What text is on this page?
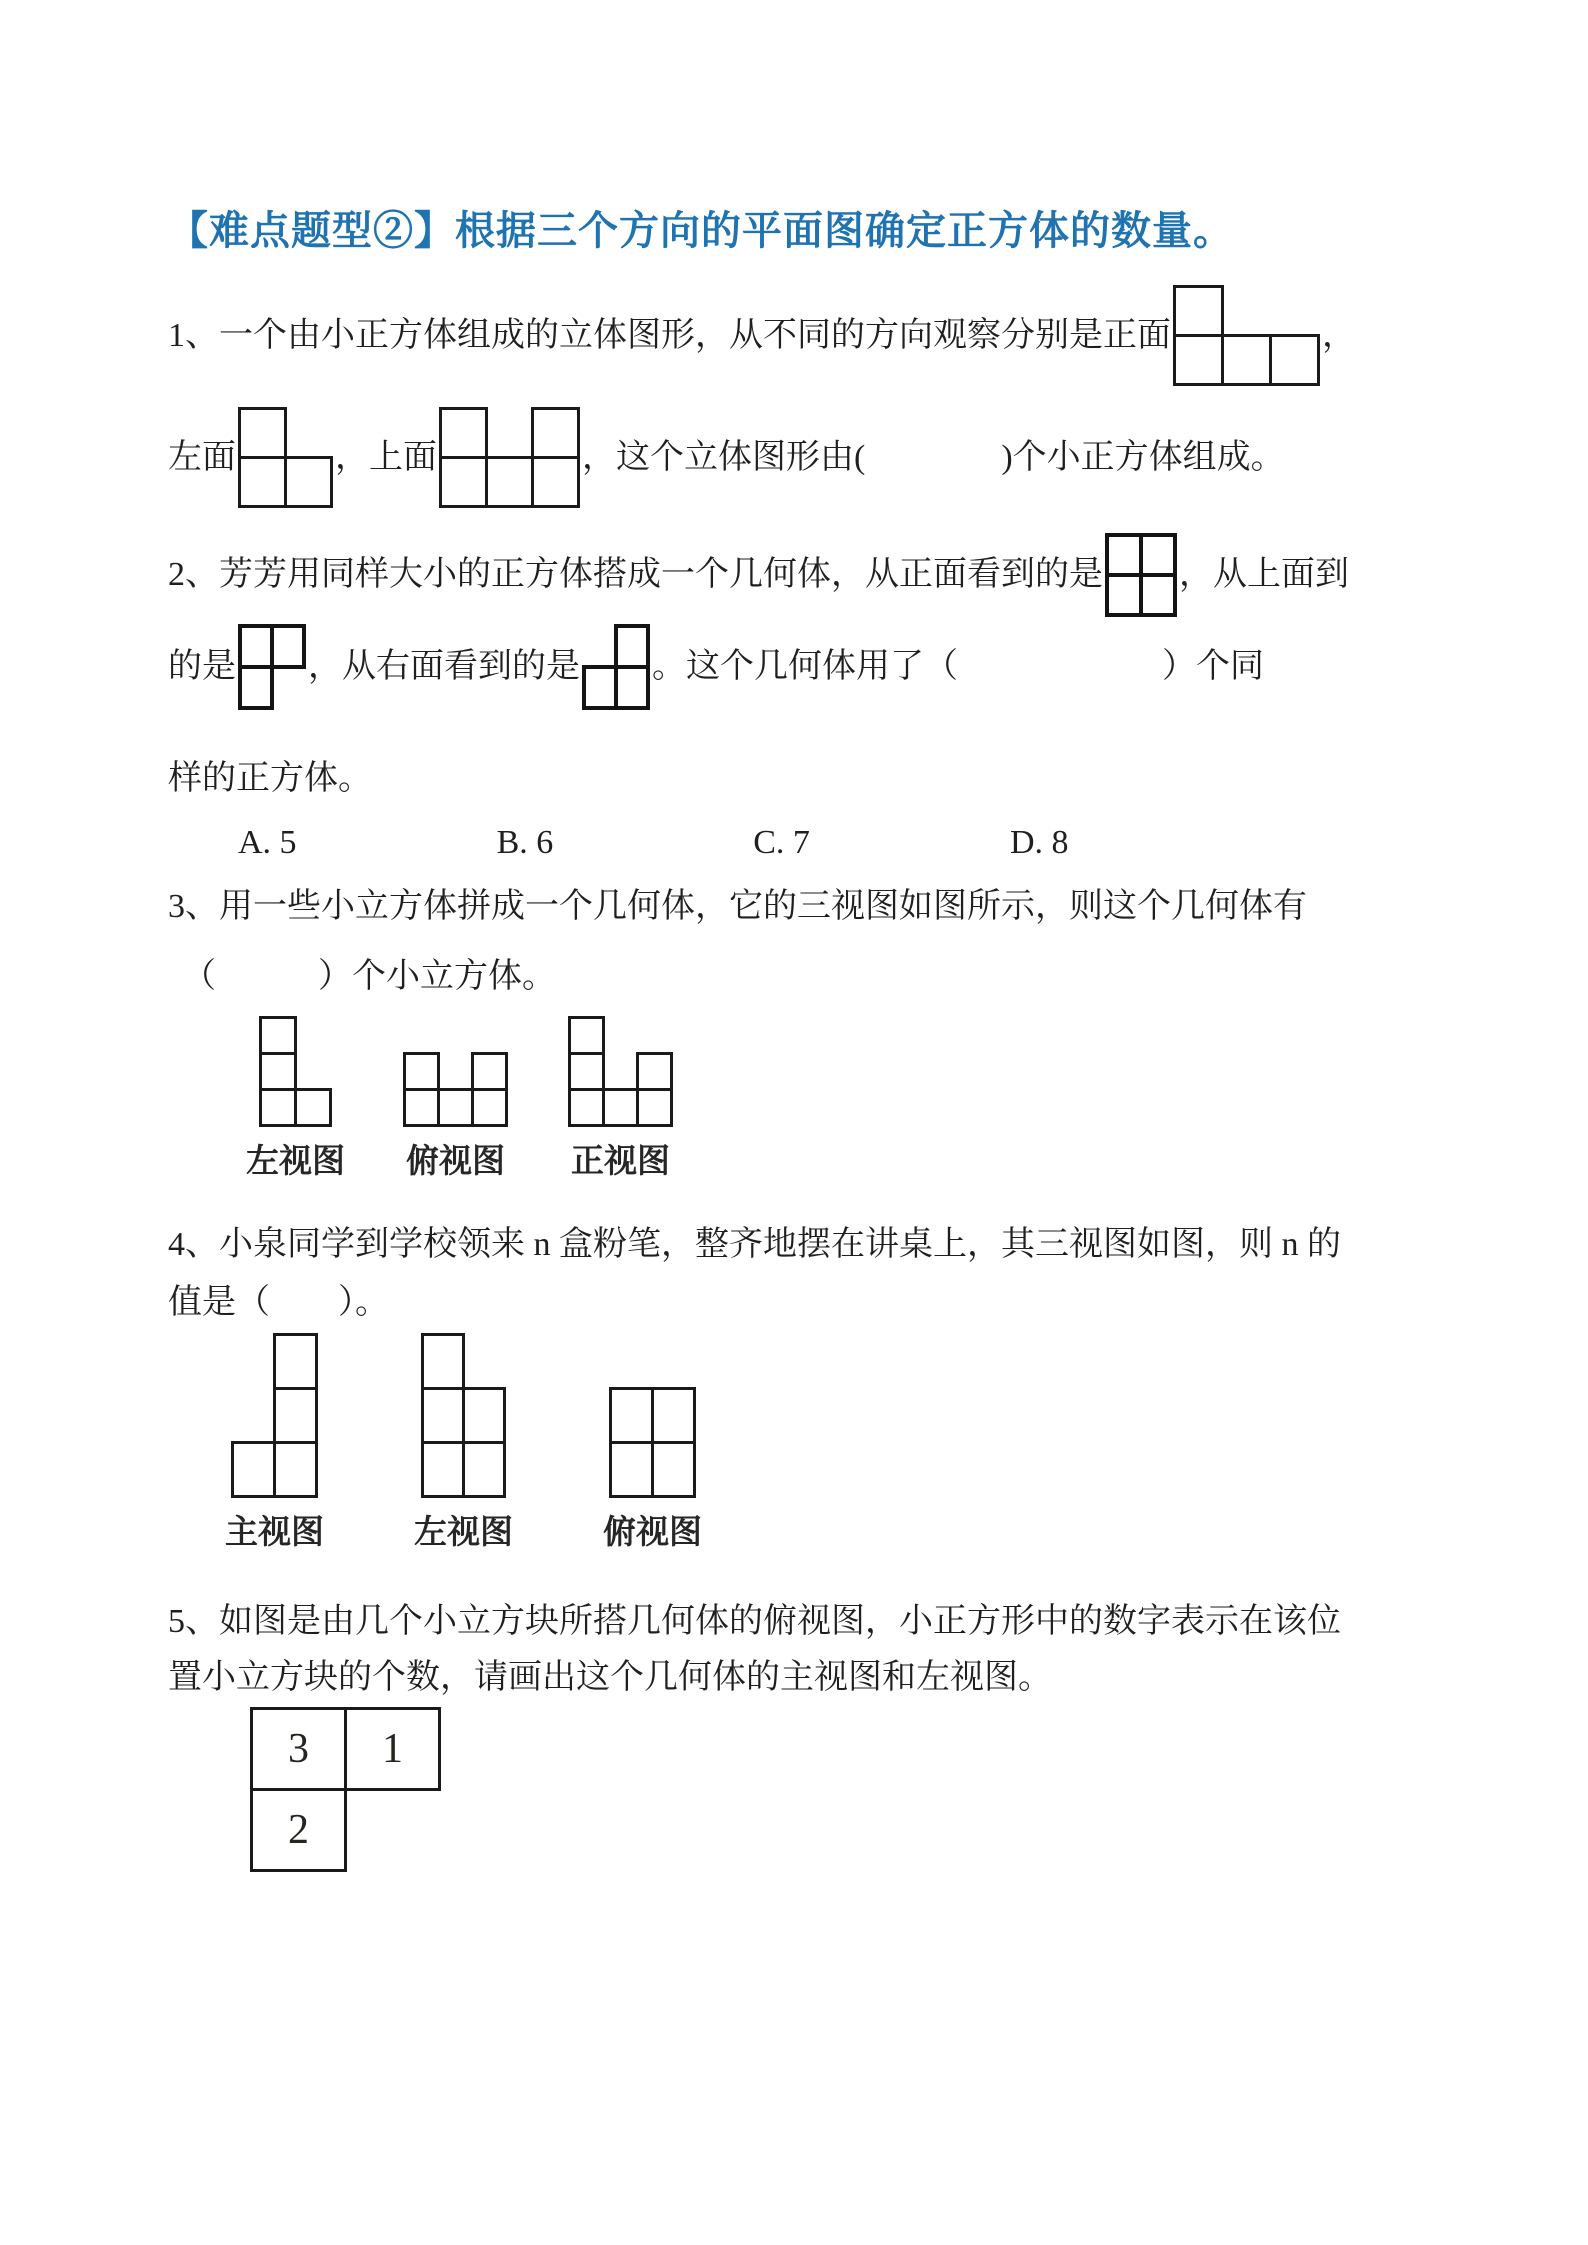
【难点题型②】根据三个方向的平面图确定正方体的数量。
1、一个由小正方体组成的立体图形，从不同的方向观察分别是正面	，
左面	，上面	，这个立体图形由(　　　　)个小正方体组成。
2、芳芳用同样大小的正方体搭成一个几何体，从正面看到的是 ，从上面到
的是 ，从右面看到的是 。这个几何体用了（　　　　　　）个同
样的正方体。
A. 5	B. 6	C. 7	D. 8
3、用一些小立方体拼成一个几何体，它的三视图如图所示，则这个几何体有
（　　　）个小立方体。
左视图 俯视图 正视图
4、小泉同学到学校领来 n 盒粉笔，整齐地摆在讲桌上，其三视图如图，则 n 的
值是（　　）。
主视图	左视图	俯视图
5、如图是由几个小立方块所搭几何体的俯视图，小正方形中的数字表示在该位
置小立方块的个数，请画出这个几何体的主视图和左视图。
3	1
2
